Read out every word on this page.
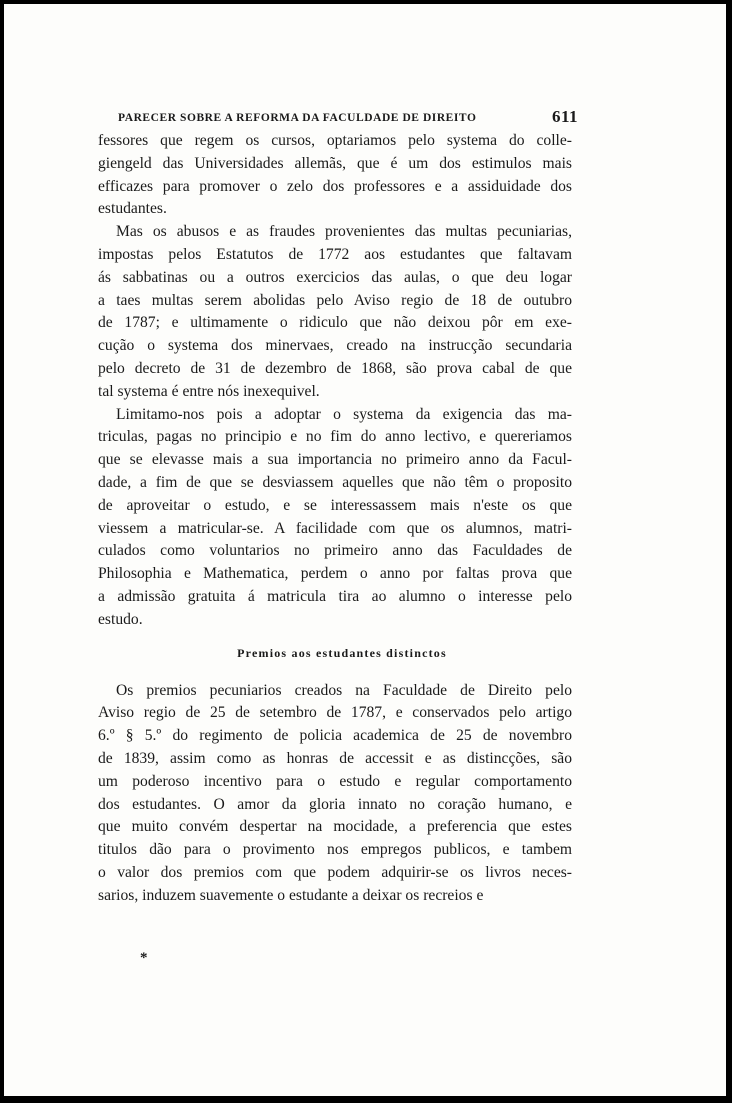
PARECER SOBRE A REFORMA DA FACULDADE DE DIREITO	611
fessores que regem os cursos, optariamos pelo systema do colle-
giengeld das Universidades allemãs, que é um dos estimulos mais
efficazes para promover o zelo dos professores e a assiduidade dos
estudantes.
Mas os abusos e as fraudes provenientes das multas pecuniarias,
impostas pelos Estatutos de 1772 aos estudantes que faltavam
ás sabbatinas ou a outros exercicios das aulas, o que deu logar
a taes multas serem abolidas pelo Aviso regio de 18 de outubro
de 1787; e ultimamente o ridiculo que não deixou pôr em exe-
cução o systema dos minervaes, creado na instrucção secundaria
pelo decreto de 31 de dezembro de 1868, são prova cabal de que
tal systema é entre nós inexequivel.
Limitamo-nos pois a adoptar o systema da exigencia das ma-
triculas, pagas no principio e no fim do anno lectivo, e quereriamos
que se elevasse mais a sua importancia no primeiro anno da Facul-
dade, a fim de que se desviassem aquelles que não têm o proposito
de aproveitar o estudo, e se interessassem mais n'este os que
viessem a matricular-se. A facilidade com que os alumnos, matri-
culados como voluntarios no primeiro anno das Faculdades de
Philosophia e Mathematica, perdem o anno por faltas prova que
a admissão gratuita á matricula tira ao alumno o interesse pelo
estudo.
Premios aos estudantes distinctos
Os premios pecuniarios creados na Faculdade de Direito pelo
Aviso regio de 25 de setembro de 1787, e conservados pelo artigo
6.º § 5.º do regimento de policia academica de 25 de novembro
de 1839, assim como as honras de accessit e as distincções, são
um poderoso incentivo para o estudo e regular comportamento
dos estudantes. O amor da gloria innato no coração humano, e
que muito convém despertar na mocidade, a preferencia que estes
titulos dão para o provimento nos empregos publicos, e tambem
o valor dos premios com que podem adquirir-se os livros neces-
sarios, induzem suavemente o estudante a deixar os recreios e
*
